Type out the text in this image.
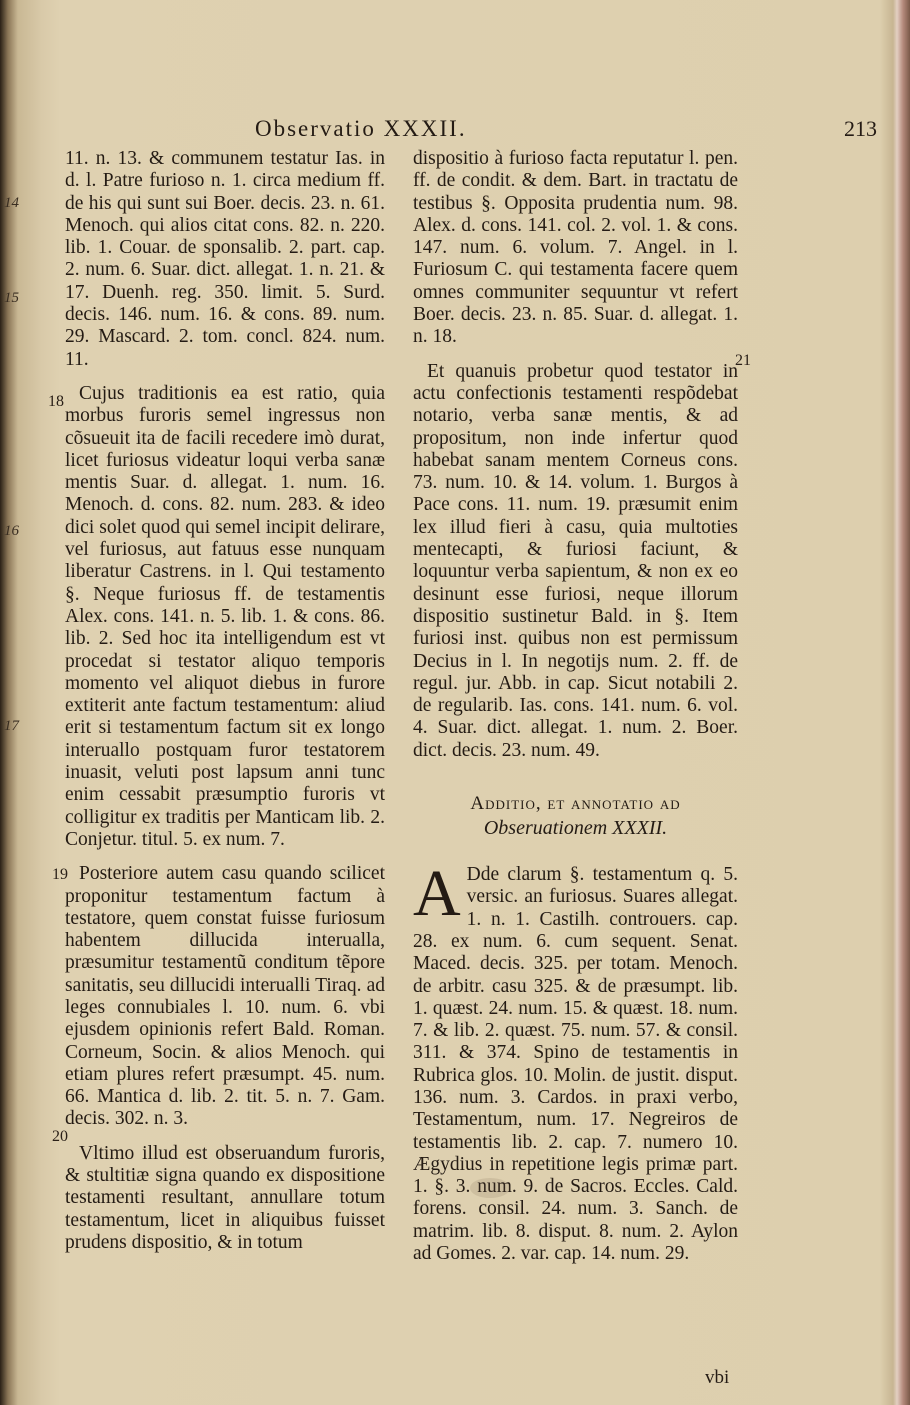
14
15
16
17
Observatio XXXII.	213
18
19
20
21

11. n. 13. & communem testatur Ias. in d. l. Patre furioso n. 1. circa medium ff. de his qui sunt sui Boer. decis. 23. n. 61. Menoch. qui alios citat cons. 82. n. 220. lib. 1. Couar. de sponsalib. 2. part. cap. 2. num. 6. Suar. dict. allegat. 1. n. 21. & 17. Duenh. reg. 350. limit. 5. Surd. decis. 146. num. 16. & cons. 89. num. 29. Mascard. 2. tom. concl. 824. num. 11.

Cujus traditionis ea est ratio, quia morbus furoris semel ingressus non cõsueuit ita de facili recedere imò durat, licet furiosus videatur loqui verba sanæ mentis Suar. d. allegat. 1. num. 16. Menoch. d. cons. 82. num. 283. & ideo dici solet quod qui semel incipit delirare, vel furiosus, aut fatuus esse nunquam liberatur Castrens. in l. Qui testamento §. Neque furiosus ff. de testamentis Alex. cons. 141. n. 5. lib. 1. & cons. 86. lib. 2. Sed hoc ita intelligendum est vt procedat si testator aliquo temporis momento vel aliquot diebus in furore extiterit ante factum testamentum: aliud erit si testamentum factum sit ex longo interuallo postquam furor testatorem inuasit, veluti post lapsum anni tunc enim cessabit præsumptio furoris vt colligitur ex traditis per Manticam lib. 2. Conjetur. titul. 5. ex num. 7.

Posteriore autem casu quando scilicet proponitur testamentum factum à testatore, quem constat fuisse furiosum habentem dillucida interualla, præsumitur testamentũ conditum tẽpore sanitatis, seu dillucidi interualli Tiraq. ad leges connubiales l. 10. num. 6. vbi ejusdem opinionis refert Bald. Roman. Corneum, Socin. & alios Menoch. qui etiam plures refert præsumpt. 45. num. 66. Mantica d. lib. 2. tit. 5. n. 7. Gam. decis. 302. n. 3.

Vltimo illud est obseruandum furoris, & stultitiæ signa quando ex dispositione testamenti resultant, annullare totum testamentum, licet in aliquibus fuisset prudens dispositio, & in totum

dispositio à furioso facta reputatur l. pen. ff. de condit. & dem. Bart. in tractatu de testibus §. Opposita prudentia num. 98. Alex. d. cons. 141. col. 2. vol. 1. & cons. 147. num. 6. volum. 7. Angel. in l. Furiosum C. qui testamenta facere quem omnes communiter sequuntur vt refert Boer. decis. 23. n. 85. Suar. d. allegat. 1. n. 18.

Et quanuis probetur quod testator in actu confectionis testamenti respõdebat notario, verba sanæ mentis, & ad propositum, non inde infertur quod habebat sanam mentem Corneus cons. 73. num. 10. & 14. volum. 1. Burgos à Pace cons. 11. num. 19. præsumit enim lex illud fieri à casu, quia multoties mentecapti, & furiosi faciunt, & loquuntur verba sapientum, & non ex eo desinunt esse furiosi, neque illorum dispositio sustinetur Bald. in §. Item furiosi inst. quibus non est permissum Decius in l. In negotijs num. 2. ff. de regul. jur. Abb. in cap. Sicut notabili 2. de regularib. Ias. cons. 141. num. 6. vol. 4. Suar. dict. allegat. 1. num. 2. Boer. dict. decis. 23. num. 49.

Additio, et annotatio ad
Obseruationem XXXII.

A Dde clarum §. testamentum q. 5. versic. an furiosus. Suares allegat. 1. n. 1. Castilh. controuers. cap. 28. ex num. 6. cum sequent. Senat. Maced. decis. 325. per totam. Menoch. de arbitr. casu 325. & de præsumpt. lib. 1. quæst. 24. num. 15. & quæst. 18. num. 7. & lib. 2. quæst. 75. num. 57. & consil. 311. & 374. Spino de testamentis in Rubrica glos. 10. Molin. de justit. disput. 136. num. 3. Cardos. in praxi verbo, Testamentum, num. 17. Negreiros de testamentis lib. 2. cap. 7. numero 10. Ægydius in repetitione legis primæ part. 1. §. 3. num. 9. de Sacros. Eccles. Cald. forens. consil. 24. num. 3. Sanch. de matrim. lib. 8. disput. 8. num. 2. Aylon ad Gomes. 2. var. cap. 14. num. 29.

vbi
